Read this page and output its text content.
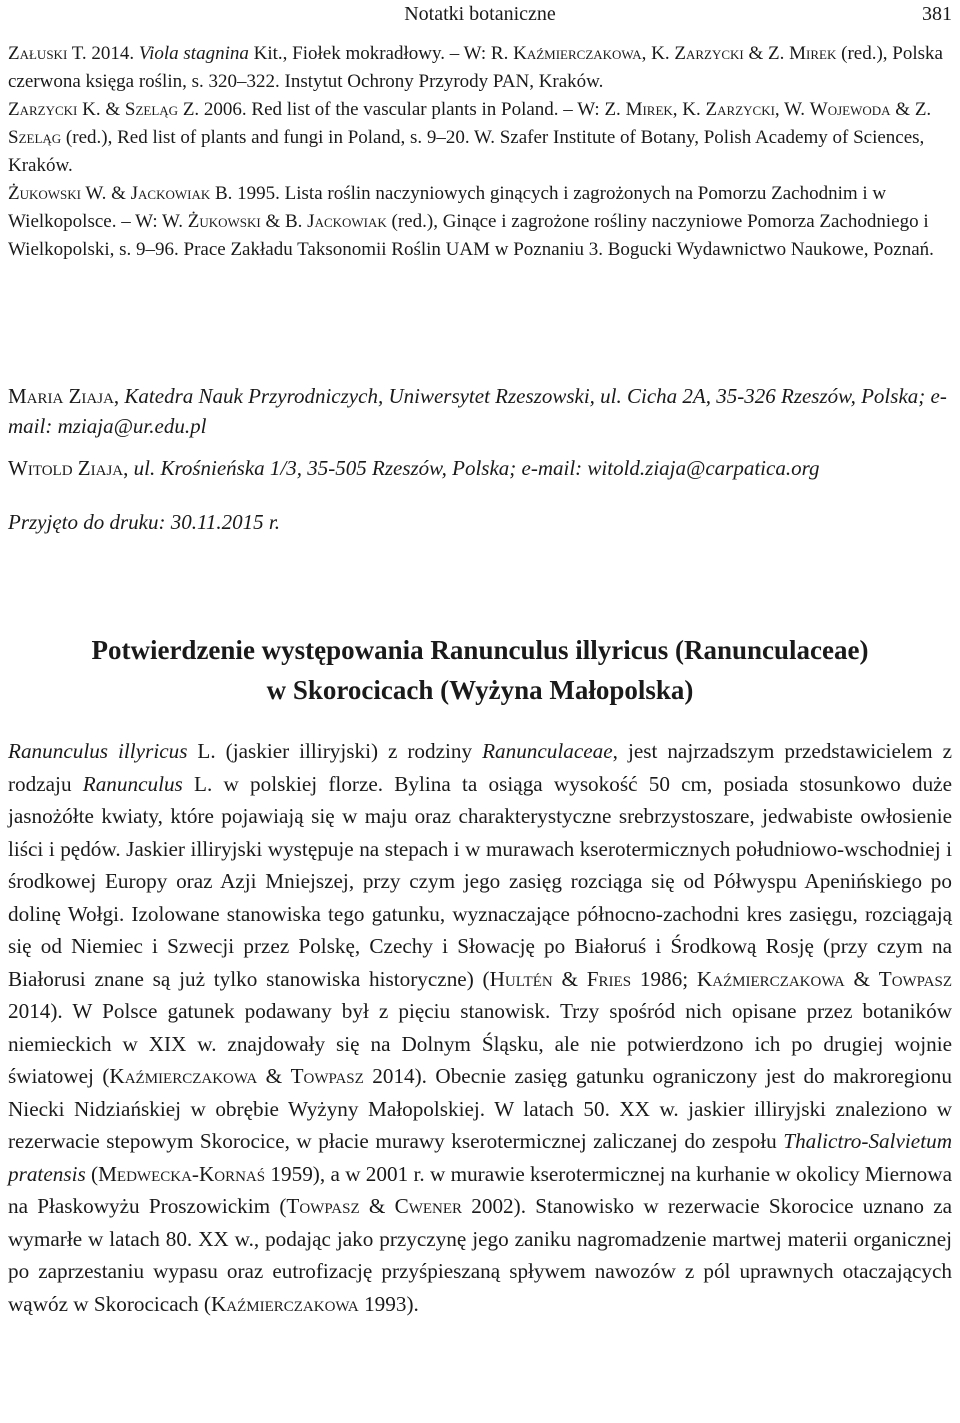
Notatki botaniczne	381
Załuski T. 2014. Viola stagnina Kit., Fiołek mokradłowy. – W: R. Kaźmierczakowa, K. Zarzycki & Z. Mirek (red.), Polska czerwona księga roślin, s. 320–322. Instytut Ochrony Przyrody PAN, Kraków.
Zarzycki K. & Szeląg Z. 2006. Red list of the vascular plants in Poland. – W: Z. Mirek, K. Zarzycki, W. Wojewoda & Z. Szeląg (red.), Red list of plants and fungi in Poland, s. 9–20. W. Szafer Institute of Botany, Polish Academy of Sciences, Kraków.
Żukowski W. & Jackowiak B. 1995. Lista roślin naczyniowych ginących i zagrożonych na Pomorzu Zachodnim i w Wielkopolsce. – W: W. Żukowski & B. Jackowiak (red.), Ginące i zagrożone rośliny naczyniowe Pomorza Zachodniego i Wielkopolski, s. 9–96. Prace Zakładu Taksonomii Roślin UAM w Poznaniu 3. Bogucki Wydawnictwo Naukowe, Poznań.

Maria Ziaja, Katedra Nauk Przyrodniczych, Uniwersytet Rzeszowski, ul. Cicha 2A, 35-326 Rzeszów, Polska; e-mail: mziaja@ur.edu.pl

Witold Ziaja, ul. Krośnieńska 1/3, 35-505 Rzeszów, Polska; e-mail: witold.ziaja@carpatica.org

Przyjęto do druku: 30.11.2015 r.

Potwierdzenie występowania Ranunculus illyricus (Ranunculaceae)
w Skorocicach (Wyżyna Małopolska)

Ranunculus illyricus L. (jaskier illiryjski) z rodziny Ranunculaceae, jest najrzadszym przedstawicielem z rodzaju Ranunculus L. w polskiej florze. Bylina ta osiąga wysokość 50 cm, posiada stosunkowo duże jasnożółte kwiaty, które pojawiają się w maju oraz charakterystyczne srebrzystoszare, jedwabiste owłosienie liści i pędów. Jaskier illiryjski występuje na stepach i w murawach kserotermicznych południowo-wschodniej i środkowej Europy oraz Azji Mniejszej, przy czym jego zasięg rozciąga się od Półwyspu Apenińskiego po dolinę Wołgi. Izolowane stanowiska tego gatunku, wyznaczające północno-zachodni kres zasięgu, rozciągają się od Niemiec i Szwecji przez Polskę, Czechy i Słowację po Białoruś i Środkową Rosję (przy czym na Białorusi znane są już tylko stanowiska historyczne) (Hultén & Fries 1986; Kaźmierczakowa & Towpasz 2014). W Polsce gatunek podawany był z pięciu stanowisk. Trzy spośród nich opisane przez botaników niemieckich w XIX w. znajdowały się na Dolnym Śląsku, ale nie potwierdzono ich po drugiej wojnie światowej (Kaźmierczakowa & Towpasz 2014). Obecnie zasięg gatunku ograniczony jest do makroregionu Niecki Nidziańskiej w obrębie Wyżyny Małopolskiej. W latach 50. XX w. jaskier illiryjski znaleziono w rezerwacie stepowym Skorocice, w płacie murawy kserotermicznej zaliczanej do zespołu Thalictro-Salvietum pratensis (Medwecka-Kornaś 1959), a w 2001 r. w murawie kserotermicznej na kurhanie w okolicy Miernowa na Płaskowyżu Proszowickim (Towpasz & Cwener 2002). Stanowisko w rezerwacie Skorocice uznano za wymarłe w latach 80. XX w., podając jako przyczynę jego zaniku nagromadzenie martwej materii organicznej po zaprzestaniu wypasu oraz eutrofizację przyśpieszaną spływem nawozów z pól uprawnych otaczających wąwóz w Skorocicach (Kaźmierczakowa 1993).
